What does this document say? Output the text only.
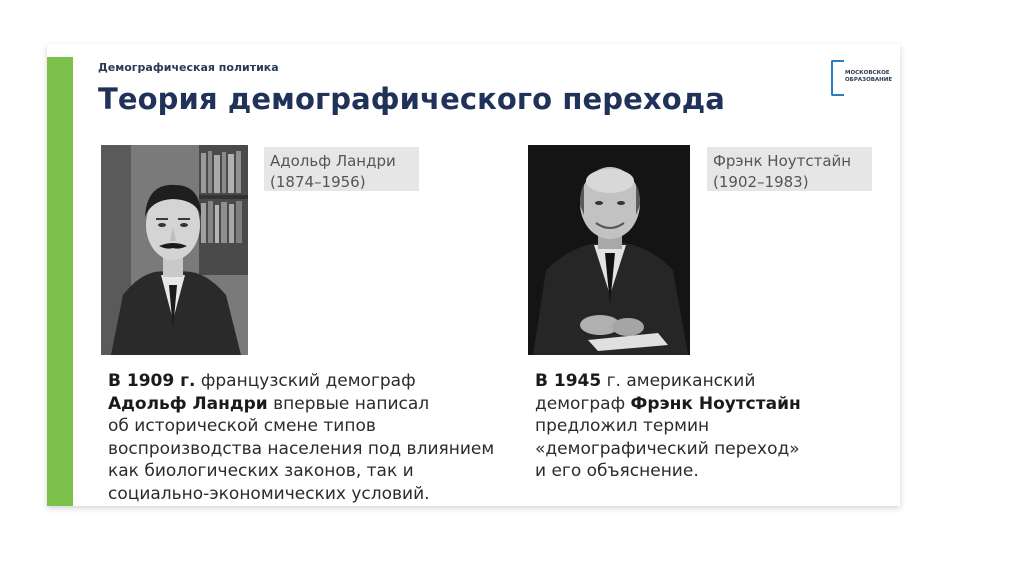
Демографическая политика
Теория демографического перехода
МОСКОВСКОЕ
ОБРАЗОВАНИЕ
Адольф Ландри
(1874–1956)
Фрэнк Ноутстайн
(1902–1983)
В 1909 г. французский демограф
Адольф Ландри впервые написал
об исторической смене типов
воспроизводства населения под влиянием
как биологических законов, так и
социально-экономических условий.
В 1945 г. американский
демограф Фрэнк Ноутстайн
предложил термин
«демографический переход»
и его объяснение.
